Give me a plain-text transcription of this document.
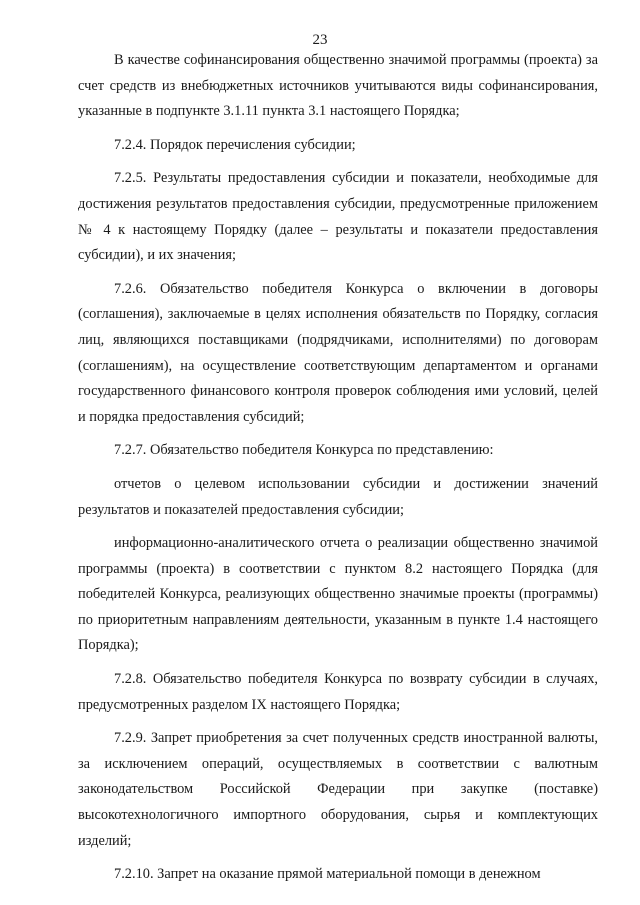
23

В качестве софинансирования общественно значимой программы (проекта) за счет средств из внебюджетных источников учитываются виды софинансирования, указанные в подпункте 3.1.11 пункта 3.1 настоящего Порядка;

7.2.4. Порядок перечисления субсидии;

7.2.5. Результаты предоставления субсидии и показатели, необходимые для достижения результатов предоставления субсидии, предусмотренные приложением № 4 к настоящему Порядку (далее – результаты и показатели предоставления субсидии), и их значения;

7.2.6. Обязательство победителя Конкурса о включении в договоры (соглашения), заключаемые в целях исполнения обязательств по Порядку, согласия лиц, являющихся поставщиками (подрядчиками, исполнителями) по договорам (соглашениям), на осуществление соответствующим департаментом и органами государственного финансового контроля проверок соблюдения ими условий, целей и порядка предоставления субсидий;

7.2.7. Обязательство победителя Конкурса по представлению:

отчетов о целевом использовании субсидии и достижении значений результатов и показателей предоставления субсидии;

информационно-аналитического отчета о реализации общественно значимой программы (проекта) в соответствии с пунктом 8.2 настоящего Порядка (для победителей Конкурса, реализующих общественно значимые проекты (программы) по приоритетным направлениям деятельности, указанным в пункте 1.4 настоящего Порядка);

7.2.8. Обязательство победителя Конкурса по возврату субсидии в случаях, предусмотренных разделом IX настоящего Порядка;

7.2.9. Запрет приобретения за счет полученных средств иностранной валюты, за исключением операций, осуществляемых в соответствии с валютным законодательством Российской Федерации при закупке (поставке) высокотехнологичного импортного оборудования, сырья и комплектующих изделий;

7.2.10. Запрет на оказание прямой материальной помощи в денежном
